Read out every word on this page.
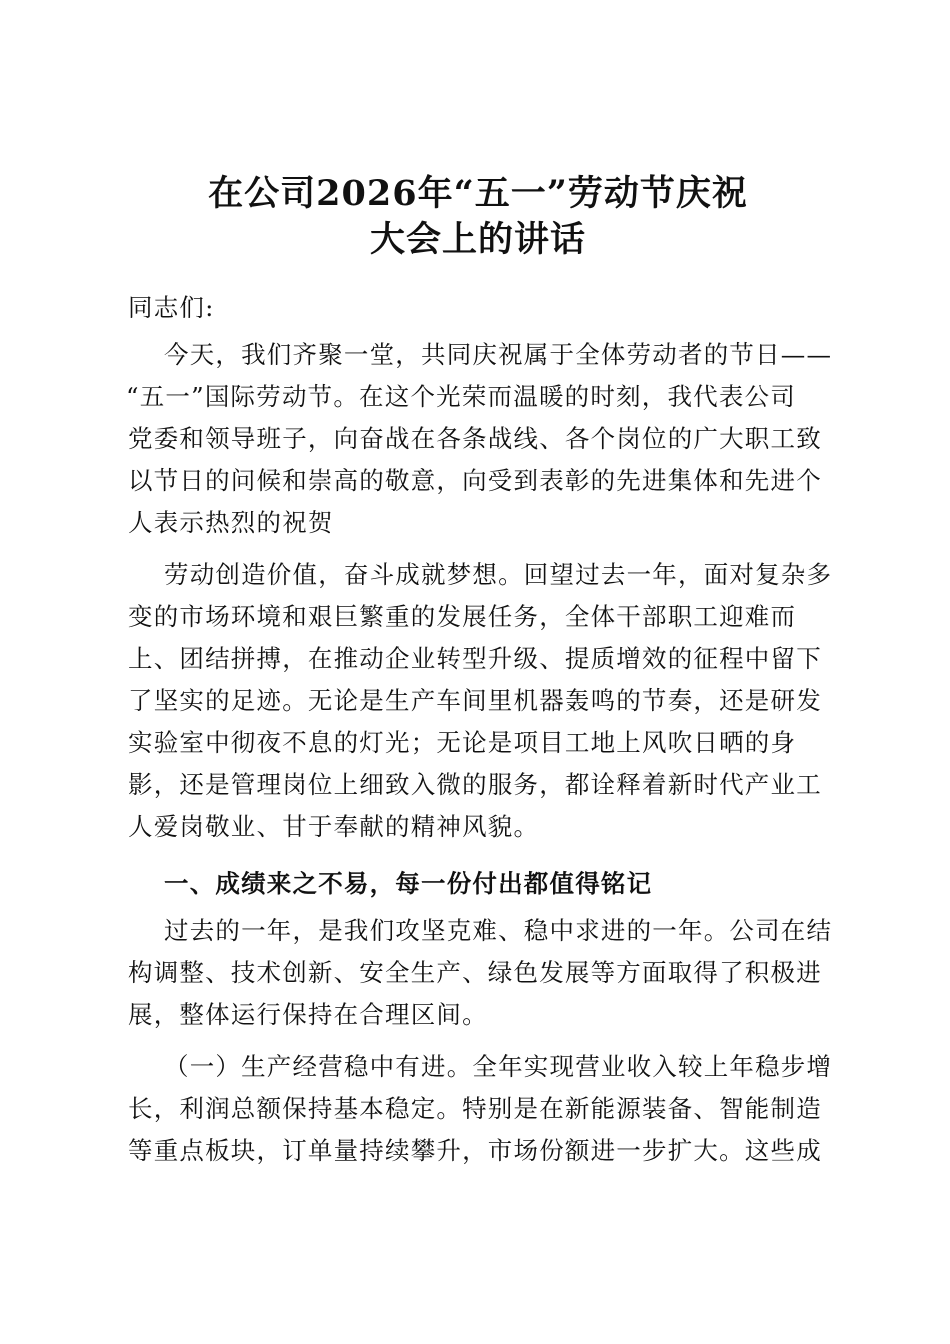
在公司2026年“五一”劳动节庆祝
大会上的讲话
同志们:
今天，我们齐聚一堂，共同庆祝属于全体劳动者的节日——
“五一”国际劳动节。在这个光荣而温暖的时刻，我代表公司
党委和领导班子，向奋战在各条战线、各个岗位的广大职工致
以节日的问候和崇高的敬意，向受到表彰的先进集体和先进个
人表示热烈的祝贺
劳动创造价值，奋斗成就梦想。回望过去一年，面对复杂多
变的市场环境和艰巨繁重的发展任务，全体干部职工迎难而
上、团结拼搏，在推动企业转型升级、提质增效的征程中留下
了坚实的足迹。无论是生产车间里机器轰鸣的节奏，还是研发
实验室中彻夜不息的灯光；无论是项目工地上风吹日晒的身
影，还是管理岗位上细致入微的服务，都诠释着新时代产业工
人爱岗敬业、甘于奉献的精神风貌。
一、成绩来之不易，每一份付出都值得铭记
过去的一年，是我们攻坚克难、稳中求进的一年。公司在结
构调整、技术创新、安全生产、绿色发展等方面取得了积极进
展，整体运行保持在合理区间。
（一）生产经营稳中有进。全年实现营业收入较上年稳步增
长，利润总额保持基本稳定。特别是在新能源装备、智能制造
等重点板块，订单量持续攀升，市场份额进一步扩大。这些成
